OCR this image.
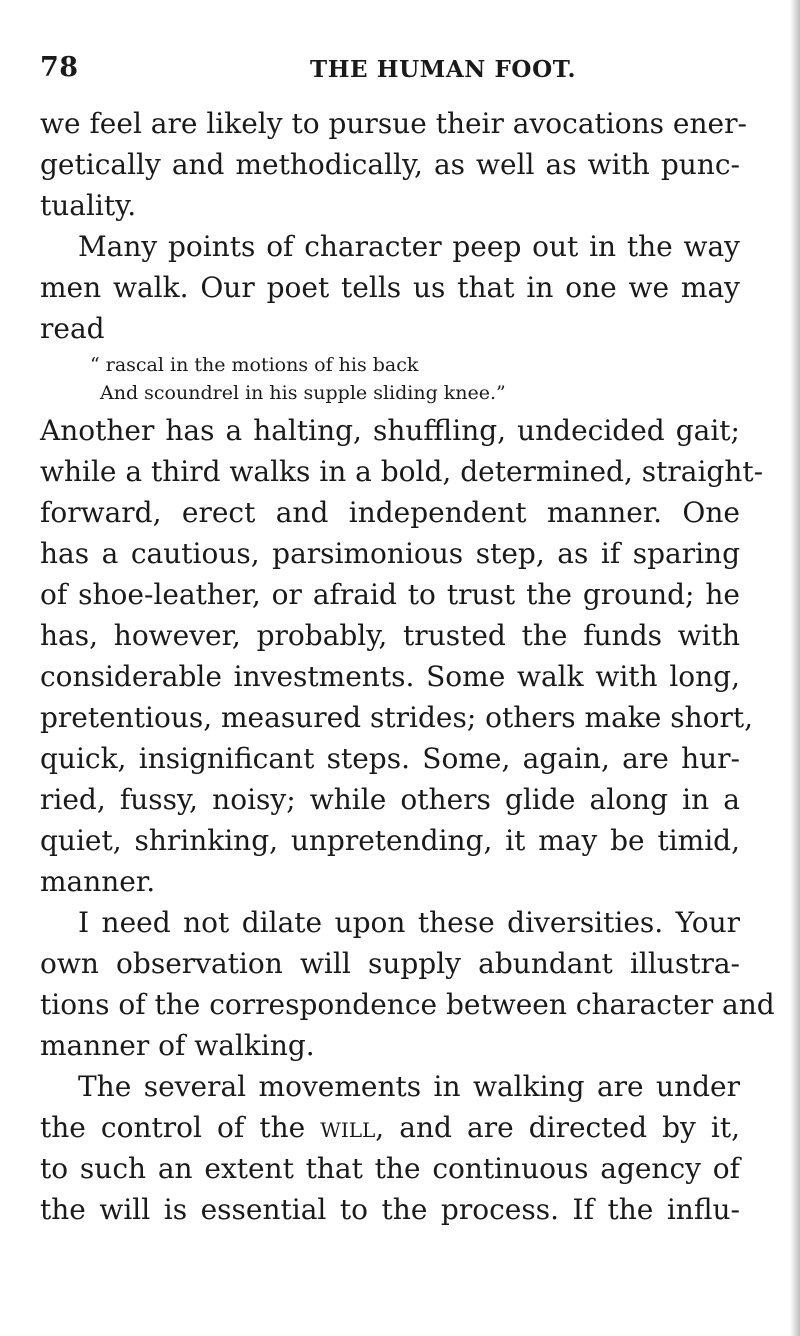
78	THE HUMAN FOOT.
we feel are likely to pursue their avocations ener-
getically and methodically, as well as with punc-
tuality.
Many points of character peep out in the way
men walk. Our poet tells us that in one we may
read
“ rascal in the motions of his back
And scoundrel in his supple sliding knee.”
Another has a halting, shuffling, undecided gait;
while a third walks in a bold, determined, straight-
forward, erect and independent manner. One
has a cautious, parsimonious step, as if sparing
of shoe-leather, or afraid to trust the ground; he
has, however, probably, trusted the funds with
considerable investments. Some walk with long,
pretentious, measured strides; others make short,
quick, insignificant steps. Some, again, are hur-
ried, fussy, noisy; while others glide along in a
quiet, shrinking, unpretending, it may be timid,
manner.
I need not dilate upon these diversities. Your
own observation will supply abundant illustra-
tions of the correspondence between character and
manner of walking.
The several movements in walking are under
the control of the will, and are directed by it,
to such an extent that the continuous agency of
the will is essential to the process. If the influ-
